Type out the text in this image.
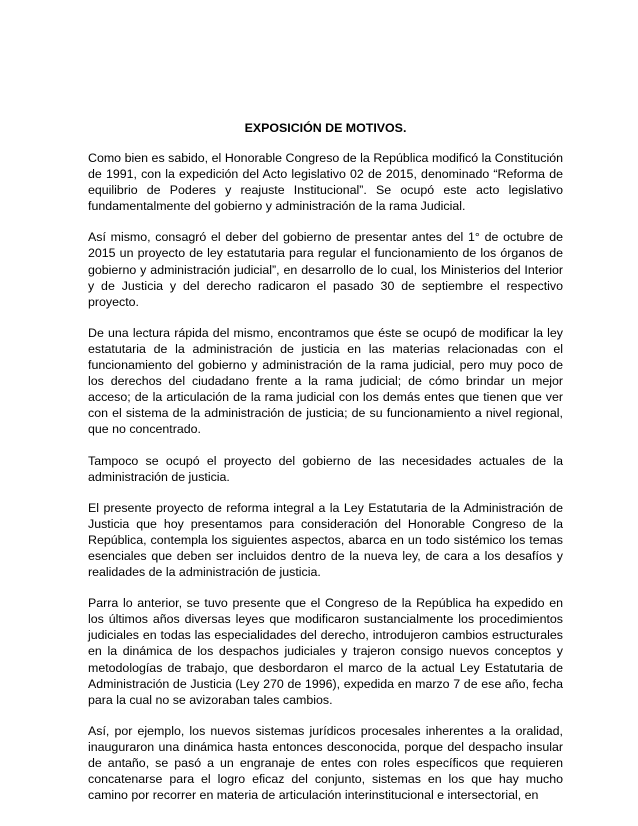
EXPOSICIÓN DE MOTIVOS.

Como bien es sabido, el Honorable Congreso de la República modificó la Constitución de 1991, con la expedición del Acto legislativo 02 de 2015, denominado “Reforma de equilibrio de Poderes y reajuste Institucional”. Se ocupó este acto legislativo fundamentalmente del gobierno y administración de la rama Judicial.

Así mismo, consagró el deber del gobierno de presentar antes del 1° de octubre de 2015 un proyecto de ley estatutaria para regular el funcionamiento de los órganos de gobierno y administración judicial”, en desarrollo de lo cual, los Ministerios del Interior y de Justicia y del derecho radicaron el pasado 30 de septiembre el respectivo proyecto.

De una lectura rápida del mismo, encontramos que éste se ocupó de modificar la ley estatutaria de la administración de justicia en las materias relacionadas con el funcionamiento del gobierno y administración de la rama judicial, pero muy poco de los derechos del ciudadano frente a la rama judicial; de cómo brindar un mejor acceso; de la articulación de la rama judicial con los demás entes que tienen que ver con el sistema de la administración de justicia; de su funcionamiento a nivel regional, que no concentrado.

Tampoco se ocupó el proyecto del gobierno de las necesidades actuales de la administración de justicia.

El presente proyecto de reforma integral a la Ley Estatutaria de la Administración de Justicia que hoy presentamos para consideración del Honorable Congreso de la República, contempla los siguientes aspectos, abarca en un todo sistémico los temas esenciales que deben ser incluidos dentro de la nueva ley, de cara a los desafíos y realidades de la administración de justicia.

Parra lo anterior, se tuvo presente que el Congreso de la República ha expedido en los últimos años diversas leyes que modificaron sustancialmente los procedimientos judiciales en todas las especialidades del derecho, introdujeron cambios estructurales en la dinámica de los despachos judiciales y trajeron consigo nuevos conceptos y metodologías de trabajo, que desbordaron el marco de la actual Ley Estatutaria de Administración de Justicia (Ley 270 de 1996), expedida en marzo 7 de ese año, fecha para la cual no se avizoraban tales cambios.

Así, por ejemplo, los nuevos sistemas jurídicos procesales inherentes a la oralidad, inauguraron una dinámica hasta entonces desconocida, porque del despacho insular de antaño, se pasó a un engranaje de entes con roles específicos que requieren concatenarse para el logro eficaz del conjunto, sistemas en los que hay mucho camino por recorrer en materia de articulación interinstitucional e intersectorial, en
